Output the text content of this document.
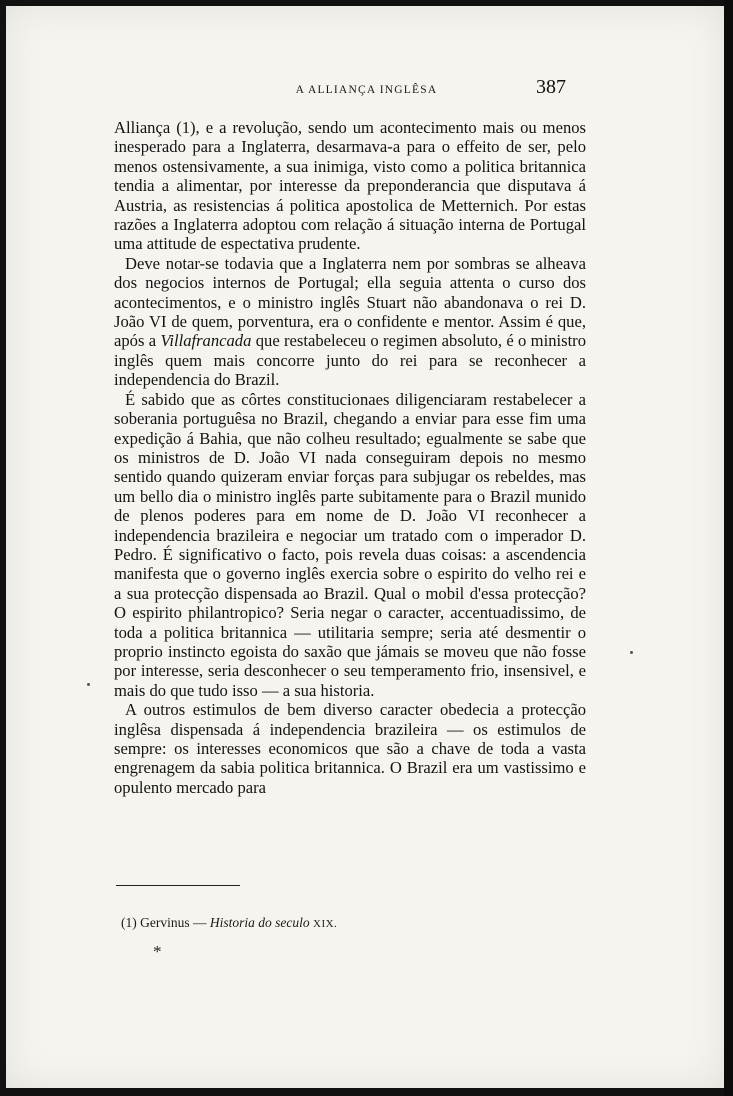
A ALLIANÇA INGLÊSA	387

Alliança (1), e a revolução, sendo um acontecimento mais ou menos inesperado para a Inglaterra, desarmava-a para o effeito de ser, pelo menos ostensivamente, a sua inimiga, visto como a politica britannica tendia a alimentar, por interesse da preponderancia que disputava á Austria, as resistencias á politica apostolica de Metternich. Por estas razões a Inglaterra adoptou com relação á situação interna de Portugal uma attitude de espectativa prudente.

Deve notar-se todavia que a Inglaterra nem por sombras se alheava dos negocios internos de Portugal; ella seguia attenta o curso dos acontecimentos, e o ministro inglês Stuart não abandonava o rei D. João VI de quem, porventura, era o confidente e mentor. Assim é que, após a Villafrancada que restabeleceu o regimen absoluto, é o ministro inglês quem mais concorre junto do rei para se reconhecer a independencia do Brazil.

É sabido que as côrtes constitucionaes diligenciaram restabelecer a soberania portuguêsa no Brazil, chegando a enviar para esse fim uma expedição á Bahia, que não colheu resultado; egualmente se sabe que os ministros de D. João VI nada conseguiram depois no mesmo sentido quando quizeram enviar forças para subjugar os rebeldes, mas um bello dia o ministro inglês parte subitamente para o Brazil munido de plenos poderes para em nome de D. João VI reconhecer a independencia brazileira e negociar um tratado com o imperador D. Pedro. É significativo o facto, pois revela duas coisas: a ascendencia manifesta que o governo inglês exercia sobre o espirito do velho rei e a sua protecção dispensada ao Brazil. Qual o mobil d'essa protecção? O espirito philantropico? Seria negar o caracter, accentuadissimo, de toda a politica britannica — utilitaria sempre; seria até desmentir o proprio instincto egoista do saxão que jámais se moveu que não fosse por interesse, seria desconhecer o seu temperamento frio, insensivel, e mais do que tudo isso — a sua historia.

A outros estimulos de bem diverso caracter obedecia a protecção inglêsa dispensada á independencia brazileira — os estimulos de sempre: os interesses economicos que são a chave de toda a vasta engrenagem da sabia politica britannica. O Brazil era um vastissimo e opulento mercado para

(1) Gervinus — Historia do seculo XIX.
*
